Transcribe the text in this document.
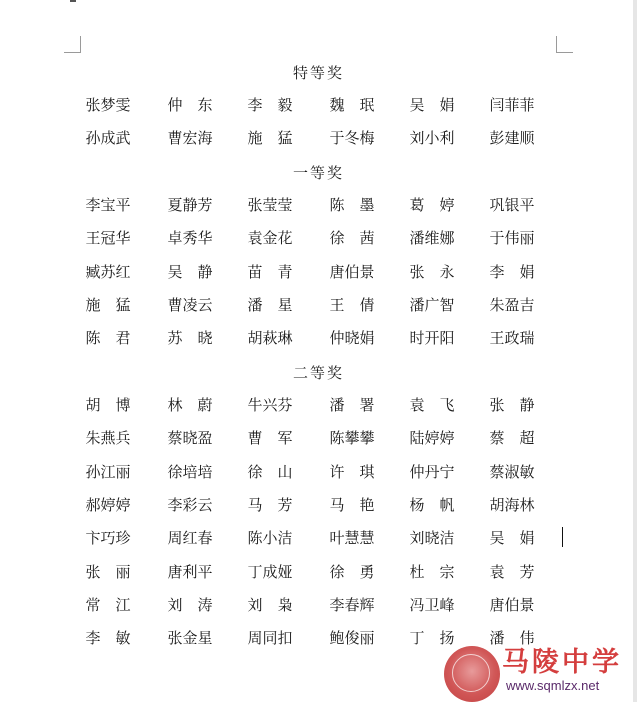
特等奖
张梦雯	仲　东	李　毅	魏　珉	吴　娟	闫菲菲
孙成武	曹宏海	施　猛	于冬梅	刘小利	彭建顺
一等奖
李宝平	夏静芳	张莹莹	陈　墨	葛　婷	巩银平
王冠华	卓秀华	袁金花	徐　茜	潘维娜	于伟丽
臧苏红	吴　静	苗　青	唐伯景	张　永	李　娟
施　猛	曹凌云	潘　星	王　倩	潘广智	朱盈吉
陈　君	苏　晓	胡萩琳	仲晓娟	时开阳	王政瑞
二等奖
胡　博	林　蔚	牛兴芬	潘　署	袁　飞	张　静
朱燕兵	蔡晓盈	曹　军	陈攀攀	陆婷婷	蔡　超
孙江丽	徐培培	徐　山	许　琪	仲丹宁	蔡淑敏
郝婷婷	李彩云	马　芳	马　艳	杨　帆	胡海林
卞巧珍	周红春	陈小洁	叶慧慧	刘晓洁	吴　娟
张　丽	唐利平	丁成娅	徐　勇	杜　宗	袁　芳
常　江	刘　涛	刘　枭	李春辉	冯卫峰	唐伯景
李　敏	张金星	周同扣	鲍俊丽	丁　扬	潘　伟
马陵中学
www.sqmlzx.net
